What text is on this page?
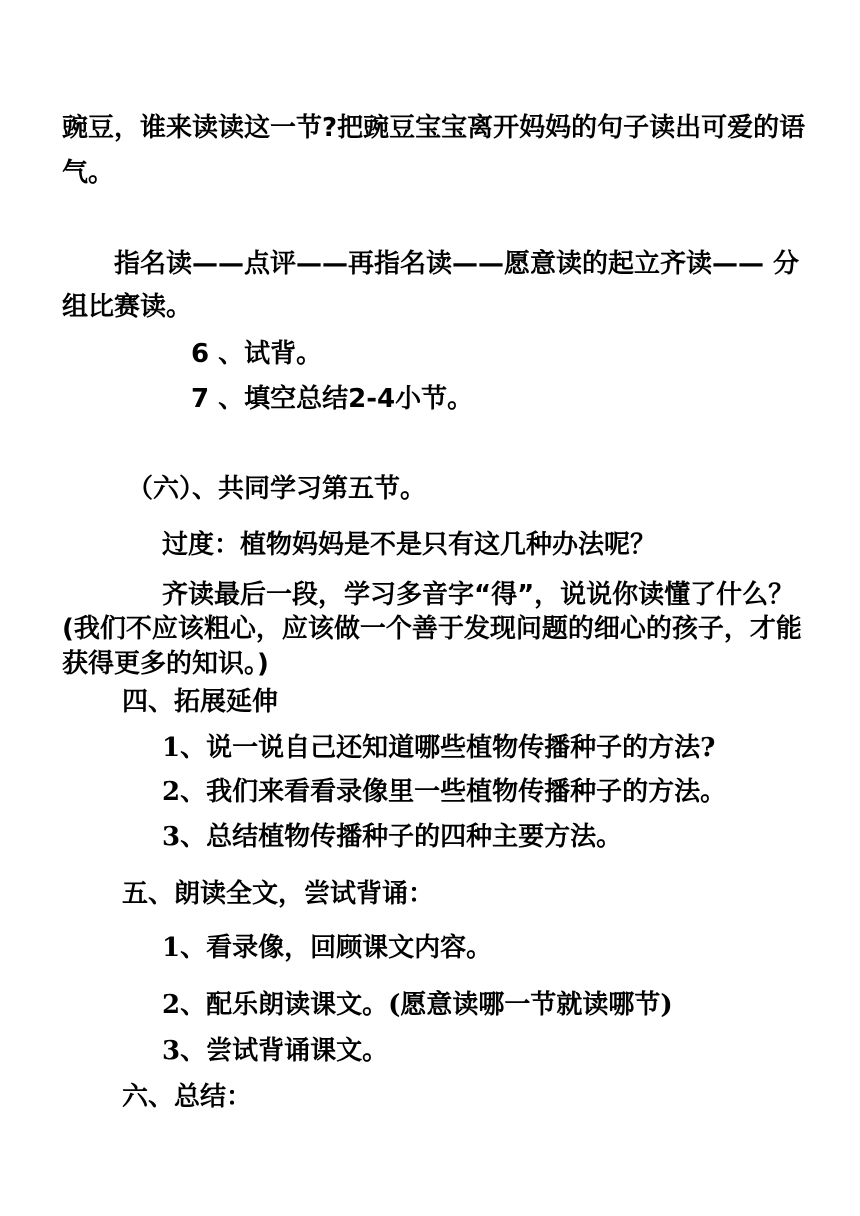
豌豆，谁来读读这一节?把豌豆宝宝离开妈妈的句子读出可爱的语
气。
指名读——点评——再指名读——愿意读的起立齐读—— 分
组比赛读。
6 、试背。
7 、填空总结2-4小节。
（六）、共同学习第五节。
过度：植物妈妈是不是只有这几种办法呢？
齐读最后一段，学习多音字“得”，说说你读懂了什么？
(我们不应该粗心，应该做一个善于发现问题的细心的孩子，才能
获得更多的知识。)
四、拓展延伸
1、说一说自己还知道哪些植物传播种子的方法?
2、我们来看看录像里一些植物传播种子的方法。
3、总结植物传播种子的四种主要方法。
五、朗读全文，尝试背诵：
1、看录像，回顾课文内容。
2、配乐朗读课文。(愿意读哪一节就读哪节)
3、尝试背诵课文。
六、总结：
